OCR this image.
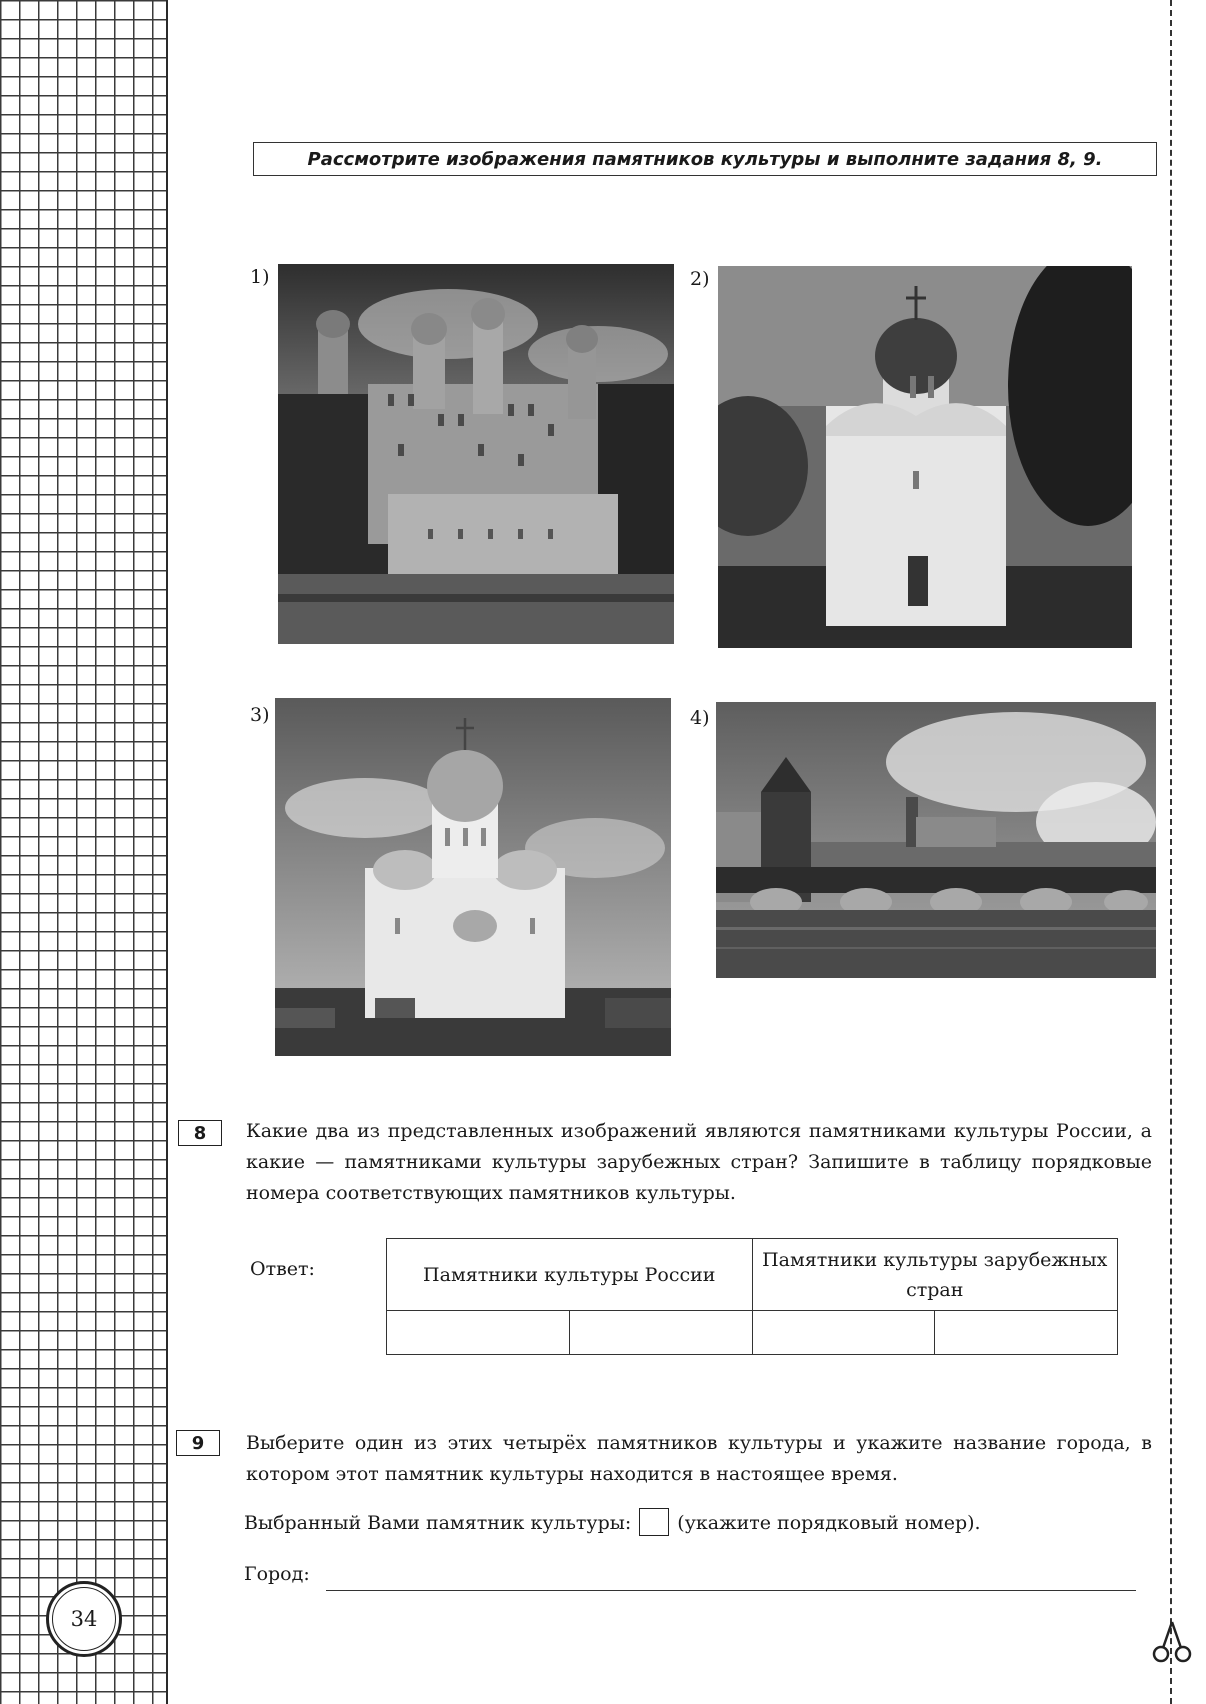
34
Рассмотрите изображения памятников культуры и выполните задания 8, 9.
1)	2)
3)	4)
8	Какие два из представленных изображений являются памятниками культуры России, а какие — памятниками культуры зарубежных стран? Запишите в таблицу порядковые номера соответствующих памятников культуры.
Ответ:	Памятники культуры России		Памятники культуры зарубежных стран	

9	Выберите один из этих четырёх памятников культуры и укажите название города, в котором этот памятник культуры находится в настоящее время.
Выбранный Вами памятник культуры: (укажите порядковый номер).
Город:
